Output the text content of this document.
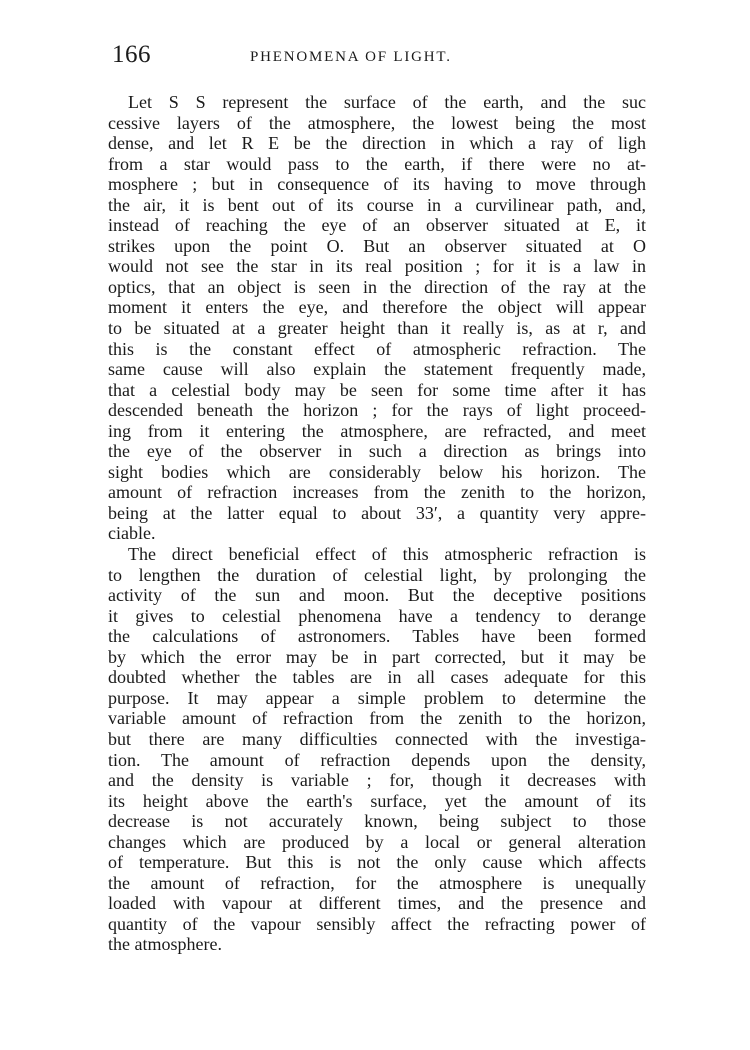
166	PHENOMENA OF LIGHT.
Let S S represent the surface of the earth, and the suc
cessive layers of the atmosphere, the lowest being the most
dense, and let R E be the direction in which a ray of ligh
from a star would pass to the earth, if there were no at-
mosphere ; but in consequence of its having to move through
the air, it is bent out of its course in a curvilinear path, and,
instead of reaching the eye of an observer situated at E, it
strikes upon the point O. But an observer situated at O
would not see the star in its real position ; for it is a law in
optics, that an object is seen in the direction of the ray at the
moment it enters the eye, and therefore the object will appear
to be situated at a greater height than it really is, as at r, and
this is the constant effect of atmospheric refraction. The
same cause will also explain the statement frequently made,
that a celestial body may be seen for some time after it has
descended beneath the horizon ; for the rays of light proceed-
ing from it entering the atmosphere, are refracted, and meet
the eye of the observer in such a direction as brings into
sight bodies which are considerably below his horizon. The
amount of refraction increases from the zenith to the horizon,
being at the latter equal to about 33′, a quantity very appre-
ciable.
The direct beneficial effect of this atmospheric refraction is
to lengthen the duration of celestial light, by prolonging the
activity of the sun and moon. But the deceptive positions
it gives to celestial phenomena have a tendency to derange
the calculations of astronomers. Tables have been formed
by which the error may be in part corrected, but it may be
doubted whether the tables are in all cases adequate for this
purpose. It may appear a simple problem to determine the
variable amount of refraction from the zenith to the horizon,
but there are many difficulties connected with the investiga-
tion. The amount of refraction depends upon the density,
and the density is variable ; for, though it decreases with
its height above the earth's surface, yet the amount of its
decrease is not accurately known, being subject to those
changes which are produced by a local or general alteration
of temperature. But this is not the only cause which affects
the amount of refraction, for the atmosphere is unequally
loaded with vapour at different times, and the presence and
quantity of the vapour sensibly affect the refracting power of
the atmosphere.
